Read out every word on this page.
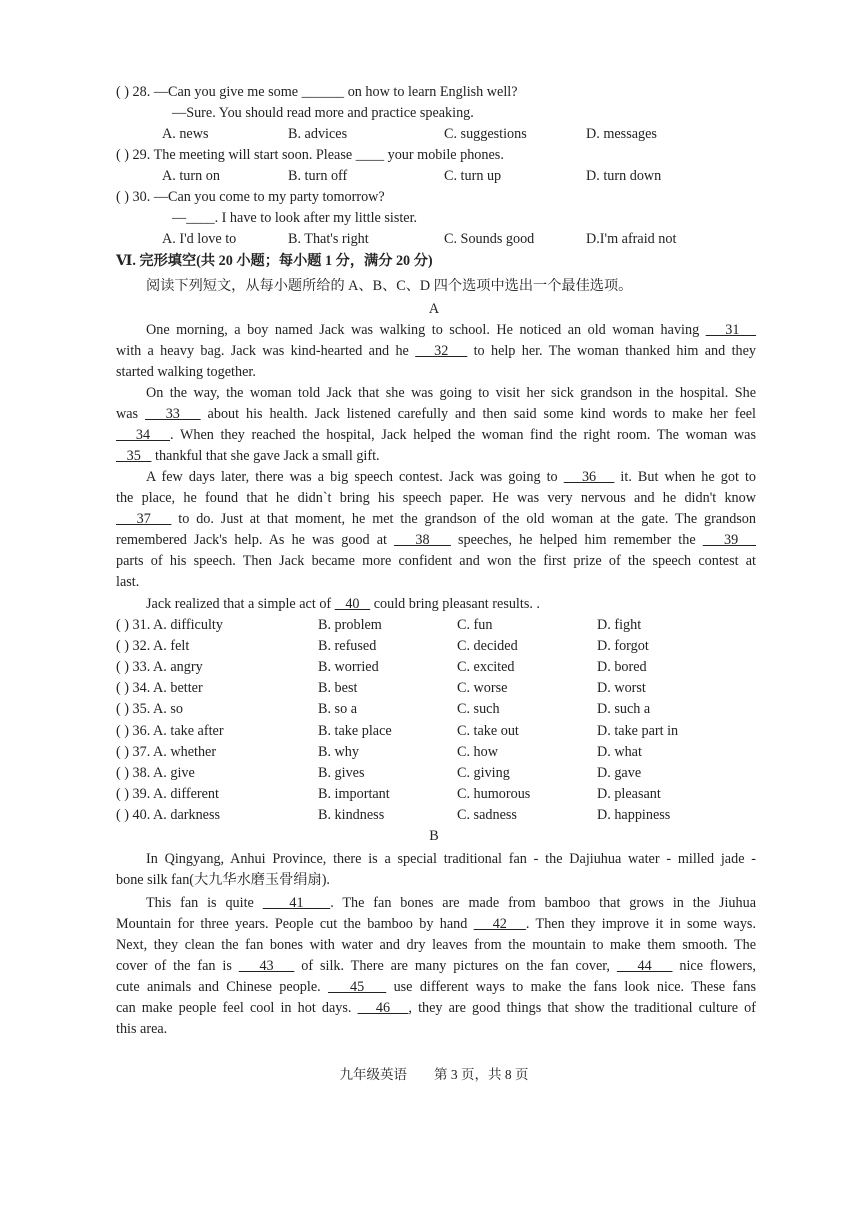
( ) 28. —Can you give me some ______ on how to learn English well?
—Sure. You should read more and practice speaking.
A. news	B. advices	C. suggestions	D. messages
( ) 29. The meeting will start soon. Please ____ your mobile phones.
A. turn on	B. turn off	C. turn up	D. turn down
( ) 30. —Can you come to my party tomorrow?
—____. I have to look after my little sister.
A. I'd love to	B. That's right	C. Sounds good	D.I'm afraid not
Ⅵ. 完形填空(共 20 小题；每小题 1 分，满分 20 分)
阅读下列短文，从每小题所给的 A、B、C、D 四个选项中选出一个最佳选项。
A
One morning, a boy named Jack was walking to school. He noticed an old woman having    31
with a heavy bag. Jack was kind-hearted and he    32    to help her. The woman thanked him and they
started walking together.
On the way, the woman told Jack that she was going to visit her sick grandson in the hospital. She
was    33    about his health. Jack listened carefully and then said some kind words to make her feel
34   . When they reached the hospital, Jack helped the woman find the right room. The woman was
35    thankful that she gave Jack a small gift.
A few days later, there was a big speech contest. Jack was going to    36    it. But when he got to
the place, he found that he didn`t bring his speech paper. He was very nervous and he didn't know
37    to do. Just at that moment, he met the grandson of the old woman at the gate. The grandson
remembered Jack's help. As he was good at    38    speeches, he helped him remember the    39
parts of his speech. Then Jack became more confident and won the first prize of the speech contest at
last.
Jack realized that a simple act of    40    could bring pleasant results. .
( ) 31. A. difficulty	B. problem	C. fun	D. fight
( ) 32. A. felt	B. refused	C. decided	D. forgot
( ) 33. A. angry	B. worried	C. excited	D. bored
( ) 34. A. better	B. best	C. worse	D. worst
( ) 35. A. so	B. so a	C. such	D. such a
( ) 36. A. take after	B. take place	C. take out	D. take part in
( ) 37. A. whether	B. why	C. how	D. what
( ) 38. A. give	B. gives	C. giving	D. gave
( ) 39. A. different	B. important	C. humorous	D. pleasant
( ) 40. A. darkness	B. kindness	C. sadness	D. happiness
B
In Qingyang, Anhui Province, there is a special traditional fan - the Dajiuhua water - milled jade -
bone silk fan(大九华水磨玉骨绢扇).
This fan is quite    41   . The fan bones are made from bamboo that grows in the Jiuhua
Mountain for three years. People cut the bamboo by hand    42   . Then they improve it in some ways.
Next, they clean the fan bones with water and dry leaves from the mountain to make them smooth. The
cover of the fan is    43    of silk. There are many pictures on the fan cover,    44    nice flowers,
cute animals and Chinese people.    45    use different ways to make the fans look nice. These fans
can make people feel cool in hot days.    46   , they are good things that show the traditional culture of
this area.
九年级英语        第 3 页，共 8 页
